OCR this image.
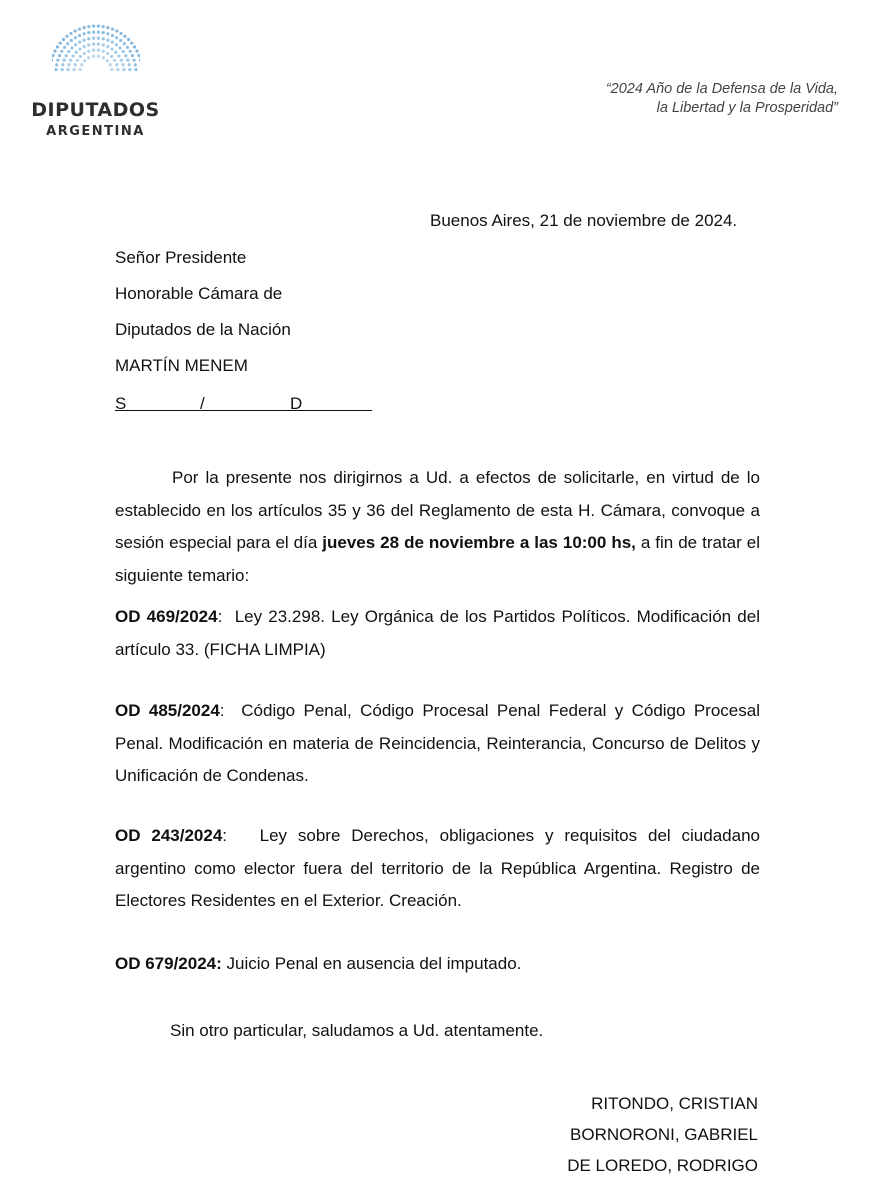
DIPUTADOS
ARGENTINA
“2024 Año de la Defensa de la Vida,
la Libertad y la Prosperidad”
Buenos Aires, 21 de noviembre de 2024.
Señor Presidente
Honorable Cámara de
Diputados de la Nación
MARTÍN MENEM
S	/	D
Por la presente nos dirigirnos a Ud. a efectos de solicitarle, en virtud de lo establecido en los artículos 35 y 36 del Reglamento de esta H. Cámara, convoque a sesión especial para el día jueves 28 de noviembre a las 10:00 hs, a fin de tratar el siguiente temario:
OD 469/2024:  Ley 23.298. Ley Orgánica de los Partidos Políticos. Modificación del artículo 33. (FICHA LIMPIA)
OD 485/2024:  Código Penal, Código Procesal Penal Federal y Código Procesal Penal. Modificación en materia de Reincidencia, Reinterancia, Concurso de Delitos y Unificación de Condenas.
OD 243/2024:   Ley sobre Derechos, obligaciones y requisitos del ciudadano argentino como elector fuera del territorio de la República Argentina. Registro de Electores Residentes en el Exterior. Creación.
OD 679/2024: Juicio Penal en ausencia del imputado.
Sin otro particular, saludamos a Ud. atentamente.
RITONDO, CRISTIAN
BORNORONI, GABRIEL
DE LOREDO, RODRIGO
